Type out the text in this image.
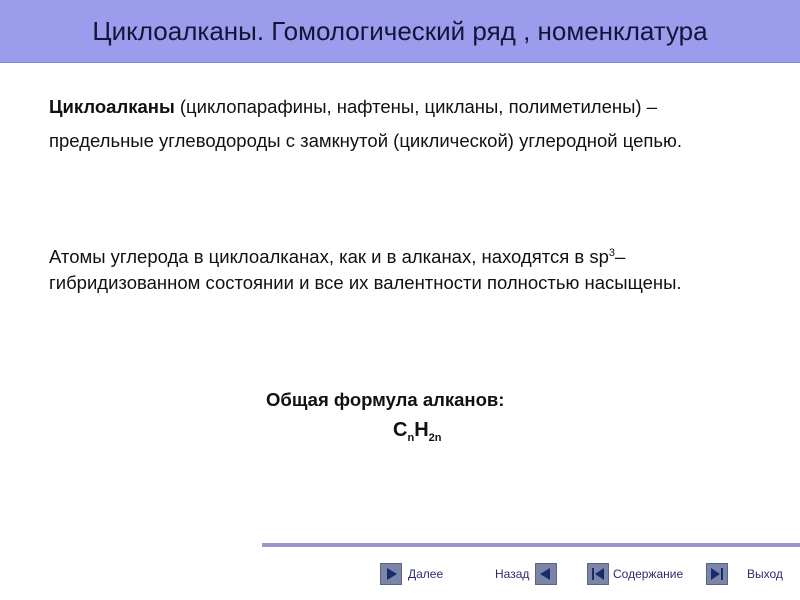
Циклоалканы. Гомологический ряд , номенклатура
Циклоалканы (циклопарафины, нафтены, цикланы, полиметилены) – предельные углеводороды с замкнутой (циклической) углеродной цепью.
Атомы углерода в циклоалканах, как и в алканах, находятся в $sp^3$–гибридизованном состоянии и все их валентности полностью насыщены.
Общая формула алканов:
$C_nH_{2n}$
Далее	Назад	Содержание	Выход
